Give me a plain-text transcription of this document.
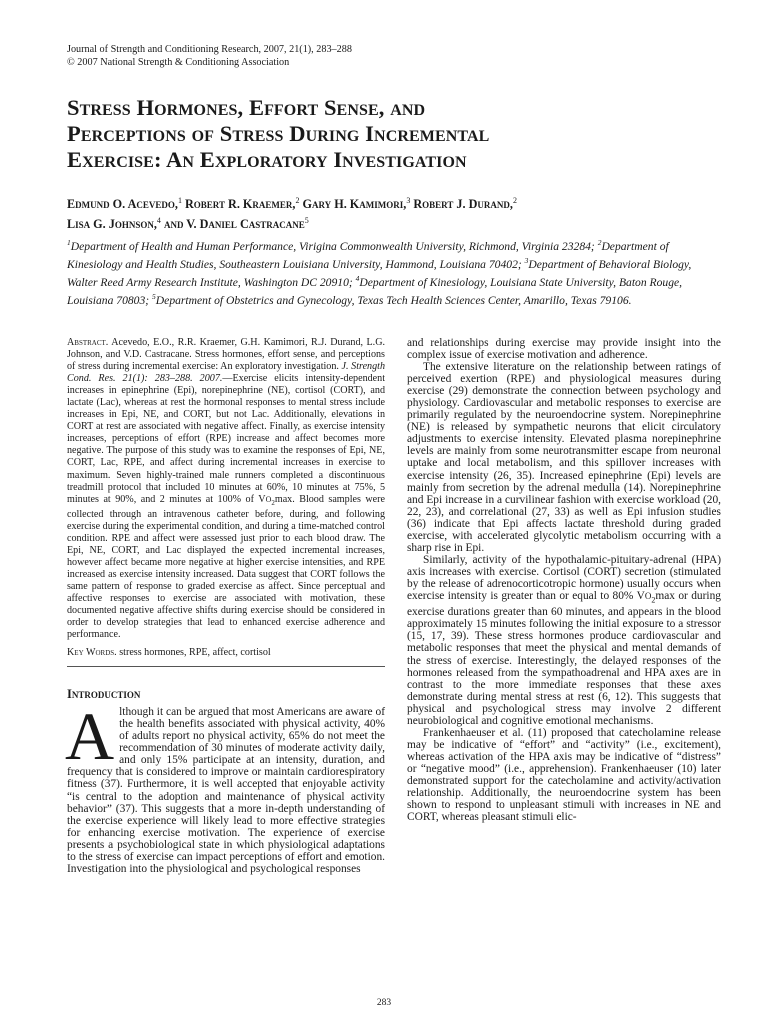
Journal of Strength and Conditioning Research, 2007, 21(1), 283–288
© 2007 National Strength & Conditioning Association
Stress Hormones, Effort Sense, and
Perceptions of Stress During Incremental
Exercise: An Exploratory Investigation
Edmund O. Acevedo,$^1$ Robert R. Kraemer,$^2$ Gary H. Kamimori,$^3$ Robert J. Durand,$^2$
Lisa G. Johnson,$^4$ and V. Daniel Castracane$^5$
$^1$Department of Health and Human Performance, Virigina Commonwealth University, Richmond, Virginia 23284; $^2$Department of Kinesiology and Health Studies, Southeastern Louisiana University, Hammond, Louisiana 70402; $^3$Department of Behavioral Biology, Walter Reed Army Research Institute, Washington DC 20910; $^4$Department of Kinesiology, Louisiana State University, Baton Rouge, Louisiana 70803; $^5$Department of Obstetrics and Gynecology, Texas Tech Health Sciences Center, Amarillo, Texas 79106.
Abstract. Acevedo, E.O., R.R. Kraemer, G.H. Kamimori, R.J. Durand, L.G. Johnson, and V.D. Castracane. Stress hormones, effort sense, and perceptions of stress during incremental exercise: An exploratory investigation. J. Strength Cond. Res. 21(1): 283–288. 2007.—Exercise elicits intensity-dependent increases in epinephrine (Epi), norepinephrine (NE), cortisol (CORT), and lactate (Lac), whereas at rest the hormonal responses to mental stress include increases in Epi, NE, and CORT, but not Lac. Additionally, elevations in CORT at rest are associated with negative affect. Finally, as exercise intensity increases, perceptions of effort (RPE) increase and affect becomes more negative. The purpose of this study was to examine the responses of Epi, NE, CORT, Lac, RPE, and affect during incremental increases in exercise to maximum. Seven highly-trained male runners completed a discontinuous treadmill protocol that included 10 minutes at 60%, 10 minutes at 75%, 5 minutes at 90%, and 2 minutes at 100% of $VO_2\max$. Blood samples were collected through an intravenous catheter before, during, and following exercise during the experimental condition, and during a time-matched control condition. RPE and affect were assessed just prior to each blood draw. The Epi, NE, CORT, and Lac displayed the expected incremental increases, however affect became more negative at higher exercise intensities, and RPE increased as exercise intensity increased. Data suggest that CORT follows the same pattern of response to graded exercise as affect. Since perceptual and affective responses to exercise are associated with motivation, these documented negative affective shifts during exercise should be considered in order to develop strategies that lead to enhanced exercise adherence and performance.
Key Words. stress hormones, RPE, affect, cortisol
Introduction
Although it can be argued that most Americans are aware of the health benefits associated with physical activity, 40% of adults report no physical activity, 65% do not meet the recommendation of 30 minutes of moderate activity daily, and only 15% participate at an intensity, duration, and frequency that is considered to improve or maintain cardiorespiratory fitness (37). Furthermore, it is well accepted that enjoyable activity “is central to the adoption and maintenance of physical activity behavior” (37). This suggests that a more in-depth understanding of the exercise experience will likely lead to more effective strategies for enhancing exercise motivation. The experience of exercise presents a psychobiological state in which physiological adaptations to the stress of exercise can impact perceptions of effort and emotion. Investigation into the physiological and psychological responses

and relationships during exercise may provide insight into the complex issue of exercise motivation and adherence.

The extensive literature on the relationship between ratings of perceived exertion (RPE) and physiological measures during exercise (29) demonstrate the connection between psychology and physiology. Cardiovascular and metabolic responses to exercise are primarily regulated by the neuroendocrine system. Norepinephrine (NE) is released by sympathetic neurons that elicit circulatory adjustments to exercise intensity. Elevated plasma norepinephrine levels are mainly from some neurotransmitter escape from neuronal uptake and local metabolism, and this spillover increases with exercise intensity (26, 35). Increased epinephrine (Epi) levels are mainly from secretion by the adrenal medulla (14). Norepinephrine and Epi increase in a curvilinear fashion with exercise workload (20, 22, 23), and correlational (27, 33) as well as Epi infusion studies (36) indicate that Epi affects lactate threshold during graded exercise, with accelerated glycolytic metabolism occurring with a sharp rise in Epi.

Similarly, activity of the hypothalamic-pituitary-adrenal (HPA) axis increases with exercise. Cortisol (CORT) secretion (stimulated by the release of adrenocorticotropic hormone) usually occurs when exercise intensity is greater than or equal to 80% $VO_2\max$ or during exercise durations greater than 60 minutes, and appears in the blood approximately 15 minutes following the initial exposure to a stressor (15, 17, 39). These stress hormones produce cardiovascular and metabolic responses that meet the physical and mental demands of the stress of exercise. Interestingly, the delayed responses of the hormones released from the sympathoadrenal and HPA axes are in contrast to the more immediate responses that these axes demonstrate during mental stress at rest (6, 12). This suggests that physical and psychological stress may involve 2 different neurobiological and cognitive emotional mechanisms.

Frankenhaeuser et al. (11) proposed that catecholamine release may be indicative of “effort” and “activity” (i.e., excitement), whereas activation of the HPA axis may be indicative of “distress” or “negative mood” (i.e., apprehension). Frankenhaeuser (10) later demonstrated support for the catecholamine and activity/activation relationship. Additionally, the neuroendocrine system has been shown to respond to unpleasant stimuli with increases in NE and CORT, whereas pleasant stimuli elic-

283
